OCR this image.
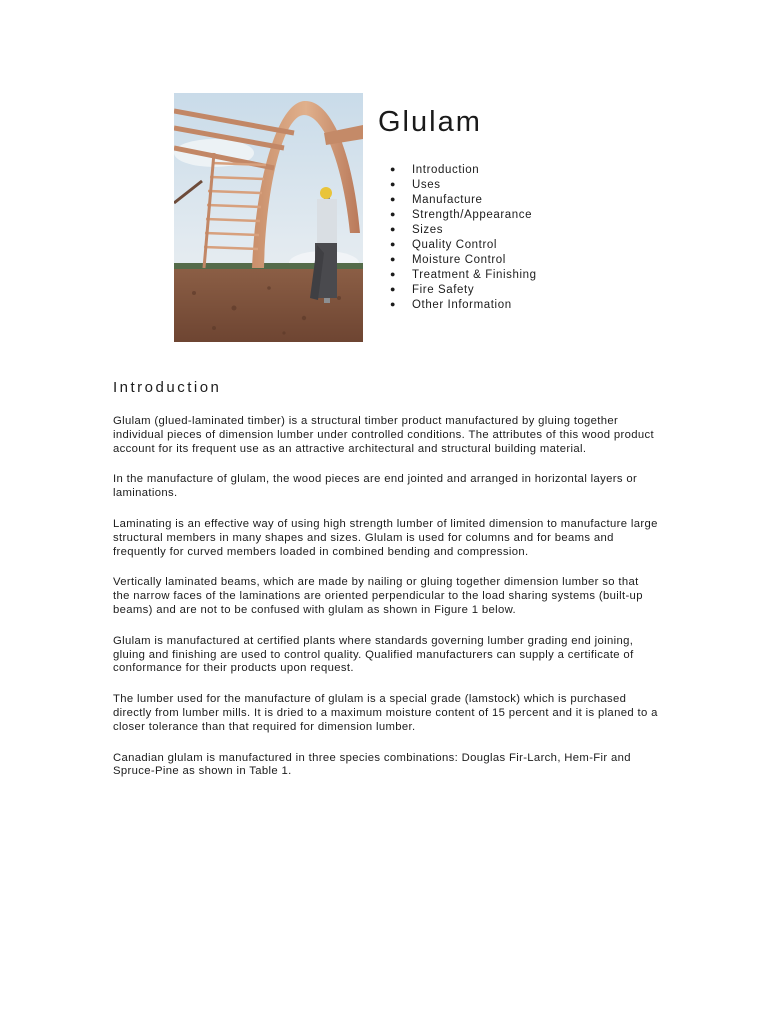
Glulam
● Introduction
● Uses
● Manufacture
● Strength/Appearance
● Sizes
● Quality Control
● Moisture Control
● Treatment & Finishing
● Fire Safety
● Other Information
Introduction

Glulam (glued-laminated timber) is a structural timber product manufactured by gluing together individual pieces of dimension lumber under controlled conditions. The attributes of this wood product account for its frequent use as an attractive architectural and structural building material.

In the manufacture of glulam, the wood pieces are end jointed and arranged in horizontal layers or laminations.

Laminating is an effective way of using high strength lumber of limited dimension to manufacture large structural members in many shapes and sizes. Glulam is used for columns and for beams and frequently for curved members loaded in combined bending and compression.

Vertically laminated beams, which are made by nailing or gluing together dimension lumber so that the narrow faces of the laminations are oriented perpendicular to the load sharing systems (built-up beams) and are not to be confused with glulam as shown in Figure 1 below.

Glulam is manufactured at certified plants where standards governing lumber grading end joining, gluing and finishing are used to control quality. Qualified manufacturers can supply a certificate of conformance for their products upon request.

The lumber used for the manufacture of glulam is a special grade (lamstock) which is purchased directly from lumber mills. It is dried to a maximum moisture content of 15 percent and it is planed to a closer tolerance than that required for dimension lumber.

Canadian glulam is manufactured in three species combinations: Douglas Fir-Larch, Hem-Fir and Spruce-Pine as shown in Table 1.
